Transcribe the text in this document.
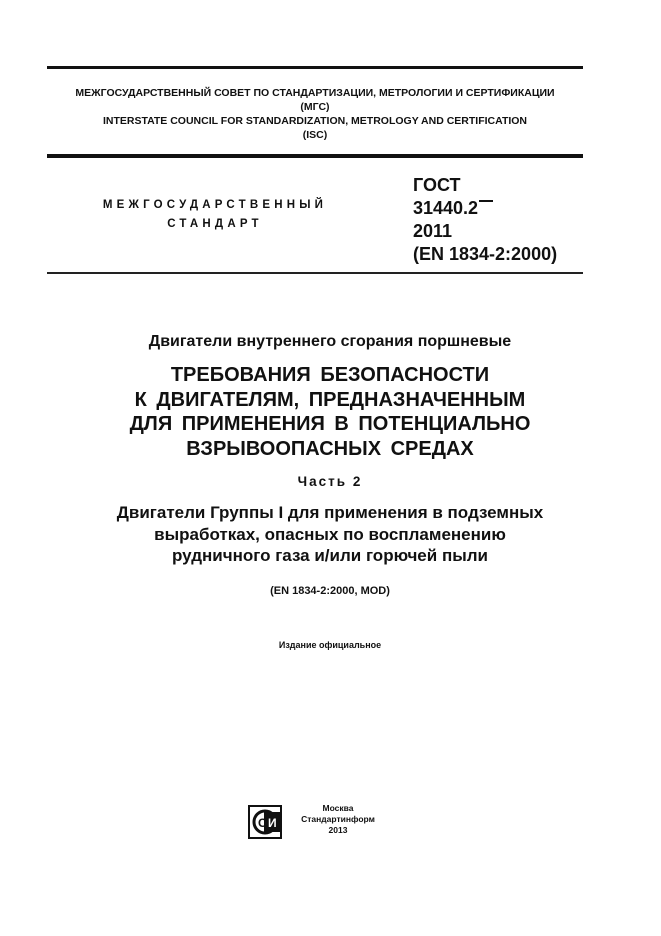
МЕЖГОСУДАРСТВЕННЫЙ СОВЕТ ПО СТАНДАРТИЗАЦИИ, МЕТРОЛОГИИ И СЕРТИФИКАЦИИ
(МГС)
INTERSTATE COUNCIL FOR STANDARDIZATION, METROLOGY AND CERTIFICATION
(ISC)
МЕЖГОСУДАРСТВЕННЫЙ
СТАНДАРТ
ГОСТ
31440.2
2011
(EN 1834-2:2000)
Двигатели внутреннего сгорания поршневые
ТРЕБОВАНИЯ БЕЗОПАСНОСТИ
К ДВИГАТЕЛЯМ, ПРЕДНАЗНАЧЕННЫМ
ДЛЯ ПРИМЕНЕНИЯ В ПОТЕНЦИАЛЬНО
ВЗРЫВООПАСНЫХ СРЕДАХ
Часть 2
Двигатели Группы I для применения в подземных
выработках, опасных по воспламенению
рудничного газа и/или горючей пыли
(EN 1834-2:2000, MOD)
Издание официальное
С И
Москва
Стандартинформ
2013
